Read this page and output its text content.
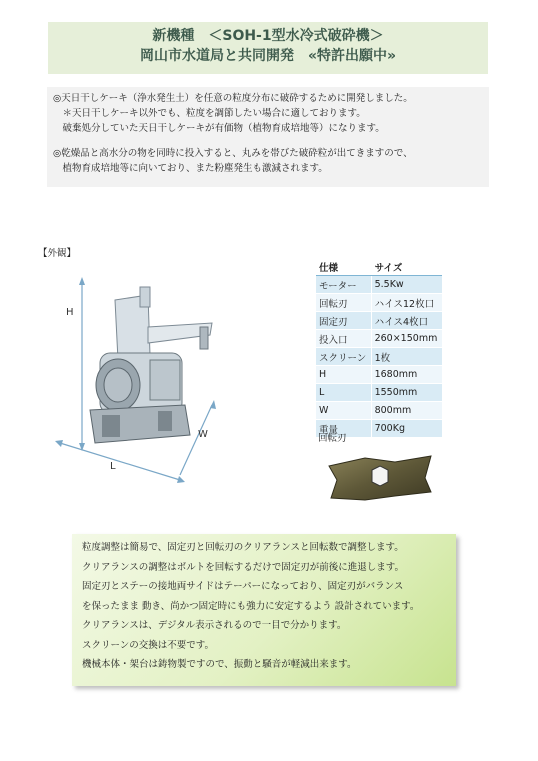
新機種　＜SOH-1型水冷式破砕機＞
岡山市水道局と共同開発　«特許出願中»
◎天日干しケーキ（浄水発生土）を任意の粒度分布に破砕するために開発しました。
　＊天日干しケーキ以外でも、粒度を調節したい場合に適しております。
　破棄処分していた天日干しケーキが有価物（植物育成培地等）になります。
◎乾燥品と高水分の物を同時に投入すると、丸みを帯びた破砕粒が出てきますので、
　植物育成培地等に向いており、また粉塵発生も激減されます。
【外観】
H
L
W
仕様	サイズ
モーター	5.5Kw
回転刃	ハイス12枚口
固定刃	ハイス4枚口
投入口	260×150mm
スクリーン	1枚
H	1680mm
L	1550mm
W	800mm
重量	700Kg
回転刃
粒度調整は簡易で、固定刃と回転刃のクリアランスと回転数で調整します。
クリアランスの調整はボルトを回転するだけで固定刃が前後に進退します。
固定刃とステーの接地両サイドはテーパーになっており、固定刃がバランス
を保ったまま 動き、尚かつ固定時にも強力に安定するよう 設計されています。
クリアランスは、デジタル表示されるので一目で分かります。
スクリーンの交換は不要です。
機械本体・架台は鋳物製ですので、振動と騒音が軽減出来ます。
